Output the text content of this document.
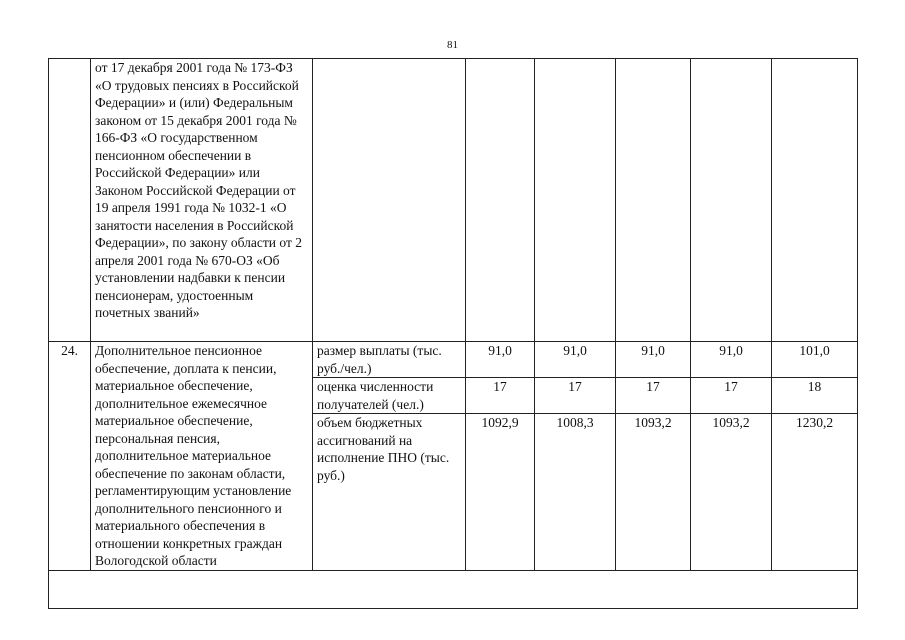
81
	от 17 декабря 2001 года № 173-ФЗ «О трудовых пенсиях в Российской Федерации» и (или) Федеральным законом от 15 декабря 2001 года № 166-ФЗ «О государственном пенсионном обеспечении в Российской Федерации» или Законом Российской Федерации от 19 апреля 1991 года № 1032-1 «О занятости населения в Российской Федерации», по закону области от 2 апреля 2001 года № 670-ОЗ «Об установлении надбавки к пенсии пенсионерам, удостоенным почетных званий»						
24.	Дополнительное пенсионное обеспечение, доплата к пенсии, материальное обеспечение, дополнительное ежемесячное материальное обеспечение, персональная пенсия, дополнительное материальное обеспечение по законам области, регламентирующим установление дополнительного пенсионного и материального обеспечения в отношении конкретных граждан Вологодской области	размер выплаты (тыс. руб./чел.)	91,0	91,0	91,0	91,0	101,0
		оценка численности получателей (чел.)	17	17	17	17	18
		объем бюджетных ассигнований на исполнение ПНО (тыс. руб.)	1092,9	1008,3	1093,2	1093,2	1230,2
